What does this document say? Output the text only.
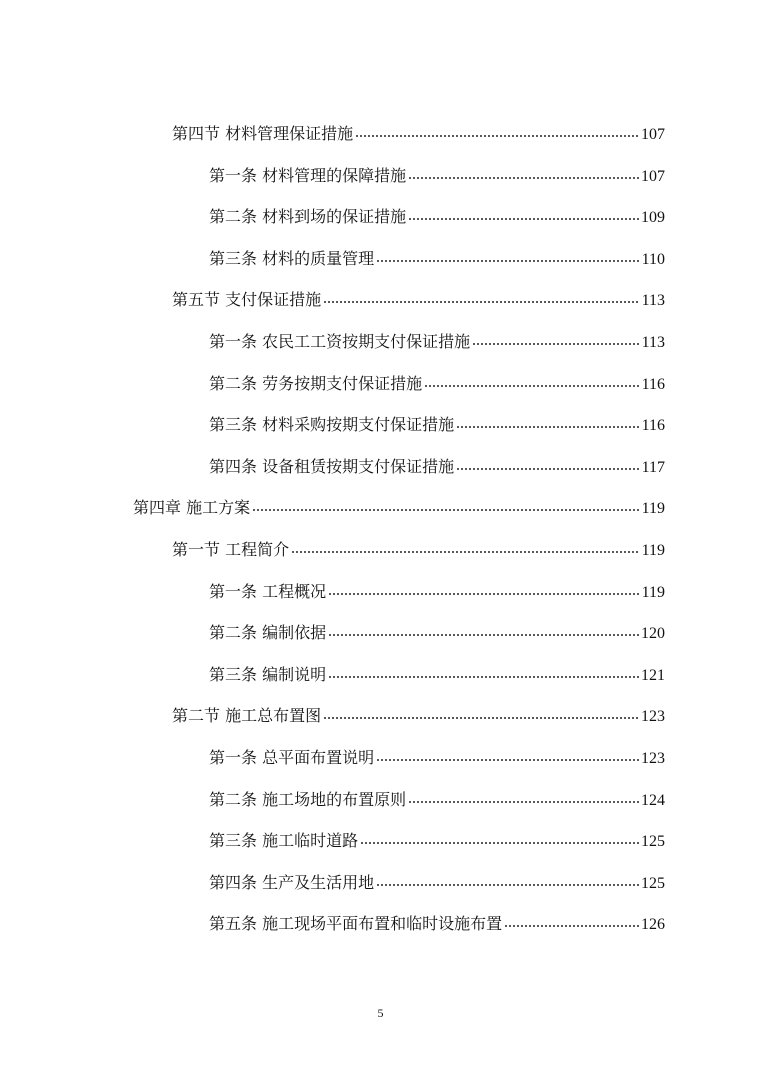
第四节 材料管理保证措施	107
第一条 材料管理的保障措施	107
第二条 材料到场的保证措施	109
第三条 材料的质量管理	110
第五节 支付保证措施	113
第一条 农民工工资按期支付保证措施	113
第二条 劳务按期支付保证措施	116
第三条 材料采购按期支付保证措施	116
第四条 设备租赁按期支付保证措施	117
第四章 施工方案	119
第一节 工程简介	119
第一条 工程概况	119
第二条 编制依据	120
第三条 编制说明	121
第二节 施工总布置图	123
第一条 总平面布置说明	123
第二条 施工场地的布置原则	124
第三条 施工临时道路	125
第四条 生产及生活用地	125
第五条 施工现场平面布置和临时设施布置	126
5
